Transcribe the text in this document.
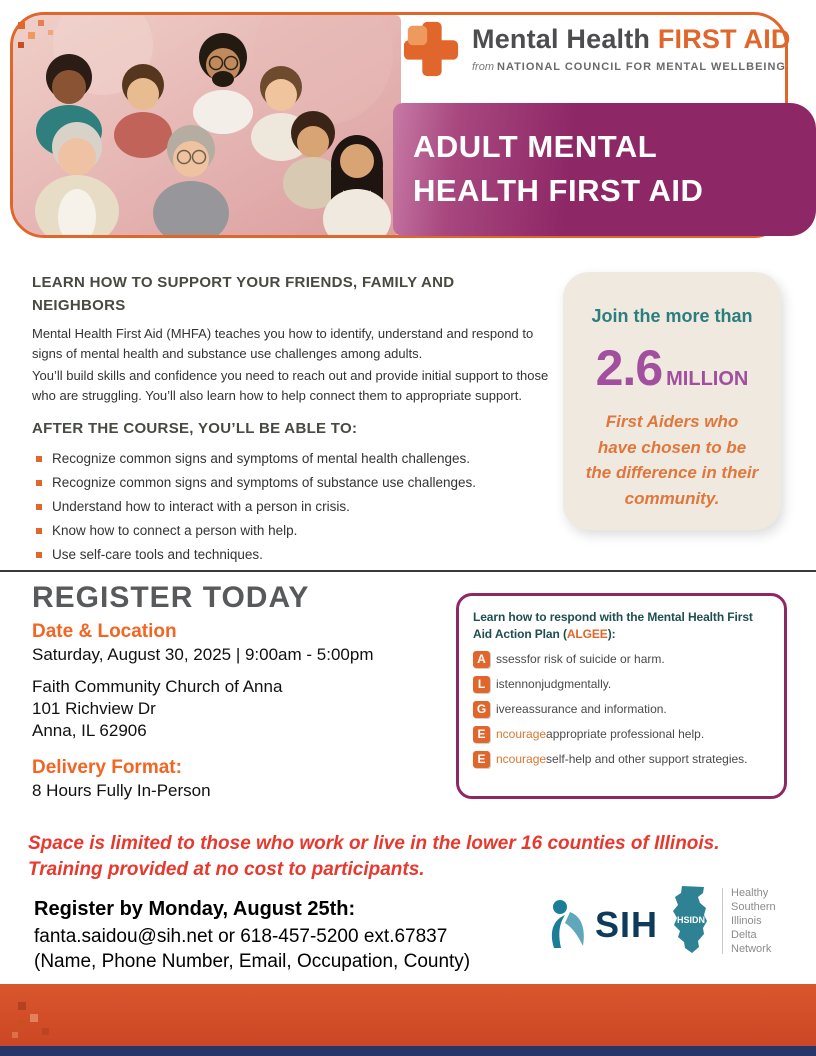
Mental Health FIRST AID
from NATIONAL COUNCIL FOR MENTAL WELLBEING
ADULT MENTAL
HEALTH FIRST AID
LEARN HOW TO SUPPORT YOUR FRIENDS, FAMILY AND NEIGHBORS

Mental Health First Aid (MHFA) teaches you how to identify, understand and respond to signs of mental health and substance use challenges among adults.

You’ll build skills and confidence you need to reach out and provide initial support to those who are struggling. You’ll also learn how to help connect them to appropriate support.

AFTER THE COURSE, YOU’LL BE ABLE TO:
Recognize common signs and symptoms of mental health challenges.
Recognize common signs and symptoms of substance use challenges.
Understand how to interact with a person in crisis.
Know how to connect a person with help.
Use self-care tools and techniques.
Join the more than
2.6 MILLION
First Aiders who have chosen to be the difference in their community.
REGISTER TODAY
Date & Location
Saturday, August 30, 2025 | 9:00am - 5:00pm
Faith Community Church of Anna
101 Richview Dr
Anna, IL 62906
Delivery Format:
8 Hours Fully In-Person
Learn how to respond with the Mental Health First Aid Action Plan (ALGEE):
A ssess for risk of suicide or harm.
L isten nonjudgmentally.
G ive reassurance and information.
E ncourage appropriate professional help.
E ncourage self-help and other support strategies.
Space is limited to those who work or live in the lower 16 counties of Illinois.
Training provided at no cost to participants.
Register by Monday, August 25th:
fanta.saidou@sih.net or 618-457-5200 ext.67837
(Name, Phone Number, Email, Occupation, County)
SIH HSIDN
Healthy
Southern
Illinois
Delta
Network
